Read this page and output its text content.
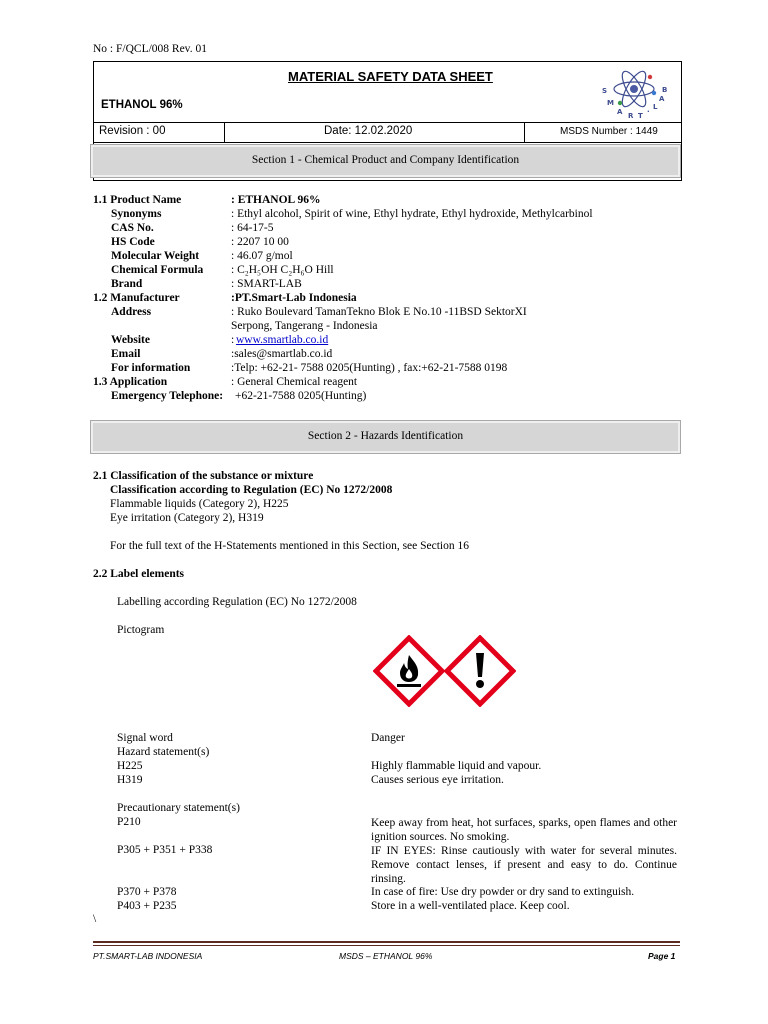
No : F/QCL/008 Rev. 01
MATERIAL SAFETY DATA SHEET
ETHANOL 96%
S
M
A R T ·
L
A
B
Revision : 00	Date: 12.02.2020	MSDS Number : 1449
Section 1 - Chemical Product and Company Identification
1.1 Product Name	: ETHANOL 96%
Synonyms	: Ethyl alcohol, Spirit of wine, Ethyl hydrate, Ethyl hydroxide, Methylcarbinol
CAS No.	: 64-17-5
HS Code	: 2207 10 00
Molecular Weight	: 46.07 g/mol
Chemical Formula : C₂H₅OH C₂H₆O Hill
Brand	: SMART-LAB
1.2 Manufacturer	:PT.Smart-Lab Indonesia
Address	: Ruko Boulevard TamanTekno Blok E No.10 -11BSD SektorXI
Serpong, Tangerang - Indonesia
Website	: www.smartlab.co.id
Email	:sales@smartlab.co.id
For information	:Telp: +62-21- 7588 0205(Hunting) , fax:+62-21-7588 0198
1.3 Application	: General Chemical reagent
Emergency Telephone: +62-21-7588 0205(Hunting)
Section 2 - Hazards Identification
2.1 Classification of the substance or mixture
Classification according to Regulation (EC) No 1272/2008
Flammable liquids (Category 2), H225
Eye irritation (Category 2), H319
For the full text of the H-Statements mentioned in this Section, see Section 16
2.2 Label elements
Labelling according Regulation (EC) No 1272/2008
Pictogram
Signal word	Danger
Hazard statement(s)
H225	Highly flammable liquid and vapour.
H319	Causes serious eye irritation.
Precautionary statement(s)
P210	Keep away from heat, hot surfaces, sparks, open flames and other ignition sources. No smoking.
P305 + P351 + P338	IF IN EYES: Rinse cautiously with water for several minutes. Remove contact lenses, if present and easy to do. Continue rinsing.
P370 + P378	In case of fire: Use dry powder or dry sand to extinguish.
P403 + P235	Store in a well-ventilated place. Keep cool.
\
PT.SMART-LAB INDONESIA	MSDS – ETHANOL 96%	Page 1
